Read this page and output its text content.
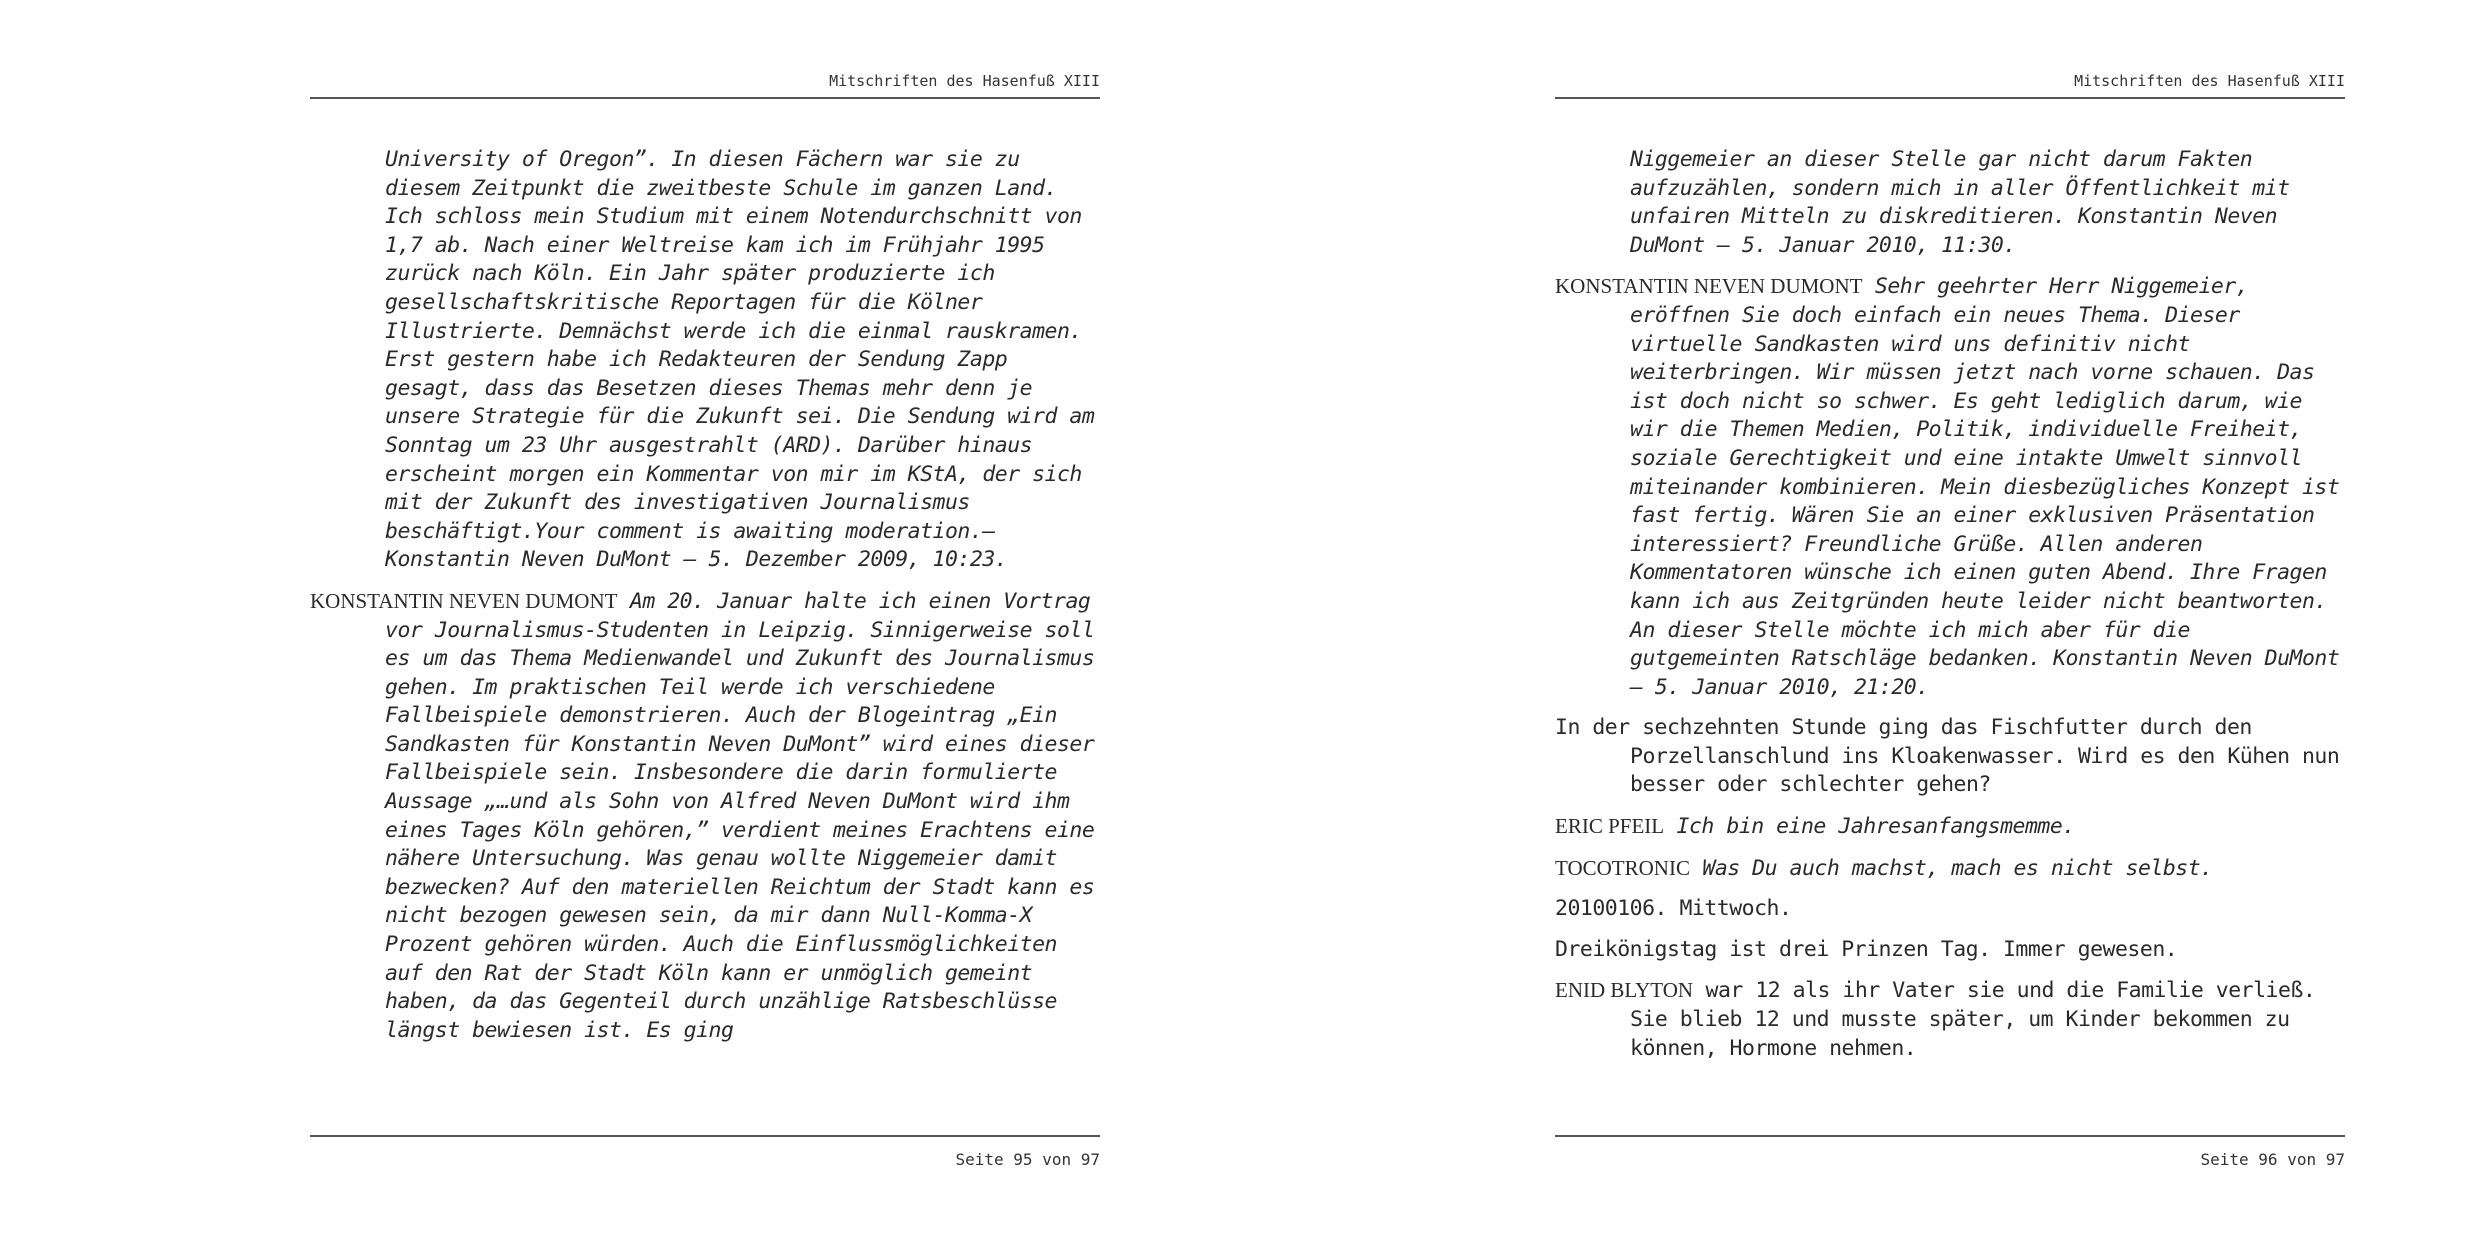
Mitschriften des Hasenfuß XIII

University of Oregon”. In diesen Fächern war sie zu diesem Zeitpunkt die zweitbeste Schule im ganzen Land. Ich schloss mein Studium mit einem Notendurchschnitt von 1,7 ab. Nach einer Weltreise kam ich im Frühjahr 1995 zurück nach Köln. Ein Jahr später produzierte ich gesellschaftskritische Reportagen für die Kölner Illustrierte. Demnächst werde ich die einmal rauskramen. Erst gestern habe ich Redakteuren der Sendung Zapp gesagt, dass das Besetzen dieses Themas mehr denn je unsere Strategie für die Zukunft sei. Die Sendung wird am Sonntag um 23 Uhr ausgestrahlt (ARD). Darüber hinaus erscheint morgen ein Kommentar von mir im KStA, der sich mit der Zukunft des investigativen Journalismus beschäftigt.Your comment is awaiting moderation.— Konstantin Neven DuMont — 5. Dezember 2009, 10:23.

KONSTANTIN NEVEN DUMONT Am 20. Januar halte ich einen Vortrag vor Journalismus-Studenten in Leipzig. Sinnigerweise soll es um das Thema Medienwandel und Zukunft des Journalismus gehen. Im praktischen Teil werde ich verschiedene Fallbeispiele demonstrieren. Auch der Blogeintrag „Ein Sandkasten für Konstantin Neven DuMont” wird eines dieser Fallbeispiele sein. Insbesondere die darin formulierte Aussage „…und als Sohn von Alfred Neven DuMont wird ihm eines Tages Köln gehören,” verdient meines Erachtens eine nähere Untersuchung. Was genau wollte Niggemeier damit bezwecken? Auf den materiellen Reichtum der Stadt kann es nicht bezogen gewesen sein, da mir dann Null-Komma-X Prozent gehören würden. Auch die Einflussmöglichkeiten auf den Rat der Stadt Köln kann er unmöglich gemeint haben, da das Gegenteil durch unzählige Ratsbeschlüsse längst bewiesen ist. Es ging

Seite 95 von 97
Mitschriften des Hasenfuß XIII

Niggemeier an dieser Stelle gar nicht darum Fakten aufzuzählen, sondern mich in aller Öffentlichkeit mit unfairen Mitteln zu diskreditieren. Konstantin Neven DuMont — 5. Januar 2010, 11:30.

KONSTANTIN NEVEN DUMONT Sehr geehrter Herr Niggemeier, eröffnen Sie doch einfach ein neues Thema. Dieser virtuelle Sandkasten wird uns definitiv nicht weiterbringen. Wir müssen jetzt nach vorne schauen. Das ist doch nicht so schwer. Es geht lediglich darum, wie wir die Themen Medien, Politik, individuelle Freiheit, soziale Gerechtigkeit und eine intakte Umwelt sinnvoll miteinander kombinieren. Mein diesbezügliches Konzept ist fast fertig. Wären Sie an einer exklusiven Präsentation interessiert? Freundliche Grüße. Allen anderen Kommentatoren wünsche ich einen guten Abend. Ihre Fragen kann ich aus Zeitgründen heute leider nicht beantworten. An dieser Stelle möchte ich mich aber für die gutgemeinten Ratschläge bedanken. Konstantin Neven DuMont — 5. Januar 2010, 21:20.

In der sechzehnten Stunde ging das Fischfutter durch den Porzellanschlund ins Kloakenwasser. Wird es den Kühen nun besser oder schlechter gehen?

ERIC PFEIL Ich bin eine Jahresanfangsmemme.

TOCOTRONIC Was Du auch machst, mach es nicht selbst.

20100106. Mittwoch.

Dreikönigstag ist drei Prinzen Tag. Immer gewesen.

ENID BLYTON war 12 als ihr Vater sie und die Familie verließ. Sie blieb 12 und musste später, um Kinder bekommen zu können, Hormone nehmen.

Seite 96 von 97
